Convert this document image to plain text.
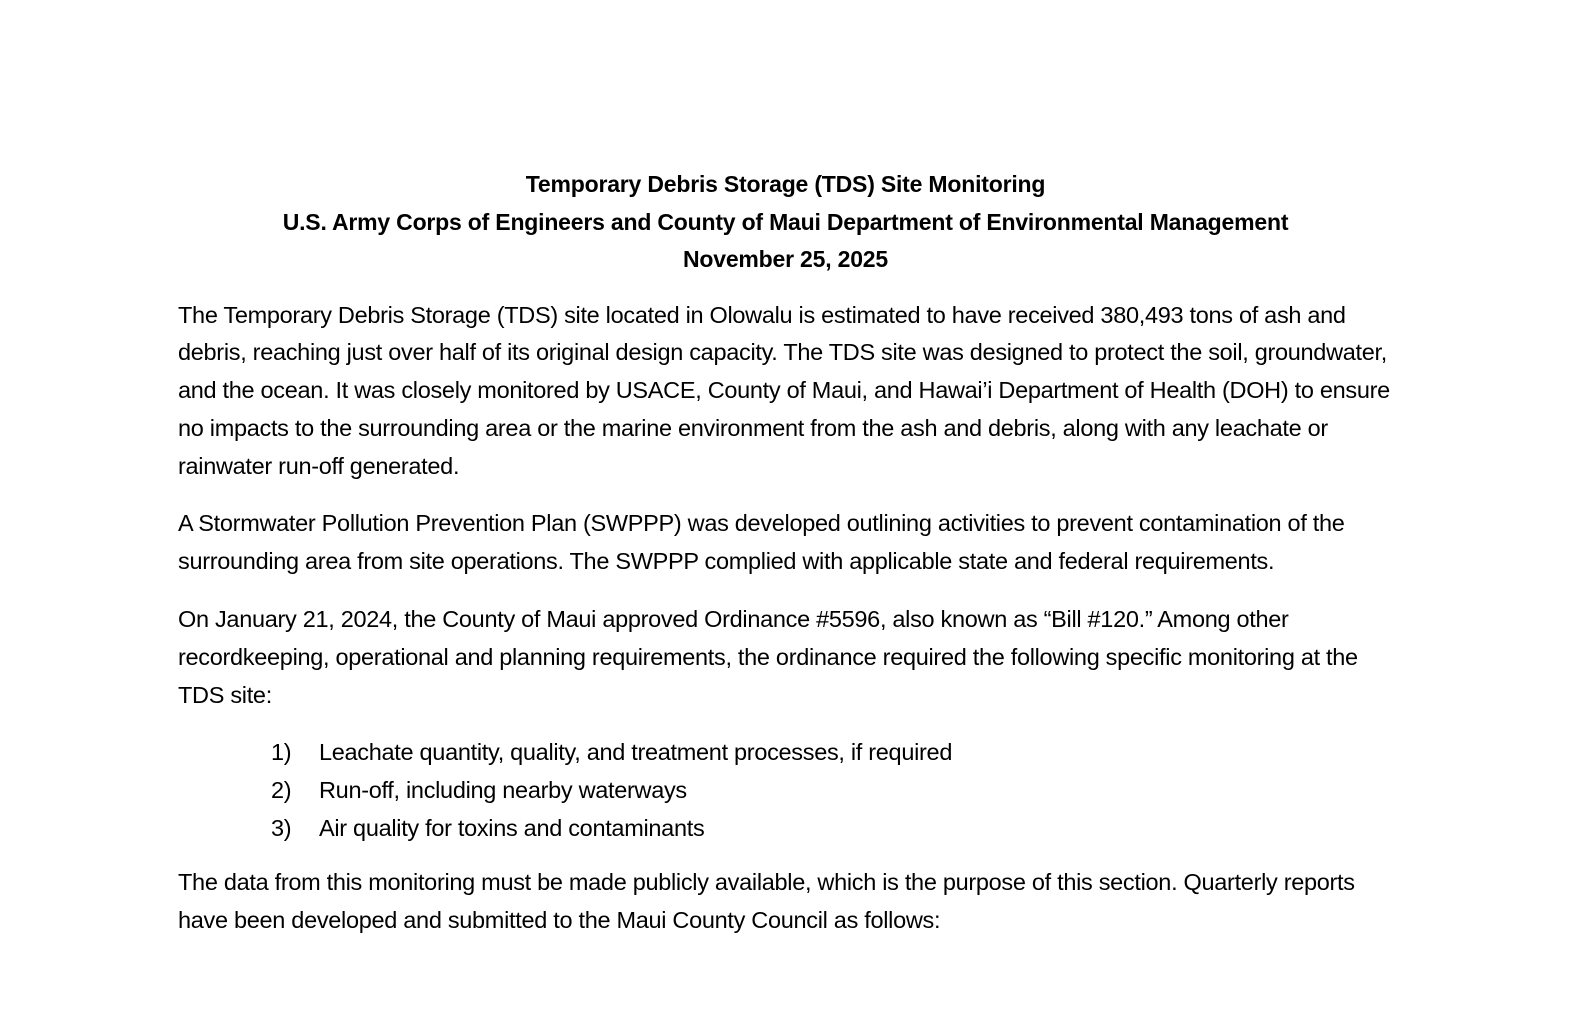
Temporary Debris Storage (TDS) Site Monitoring
U.S. Army Corps of Engineers and County of Maui Department of Environmental Management
November 25, 2025

The Temporary Debris Storage (TDS) site located in Olowalu is estimated to have received 380,493 tons of ash and debris, reaching just over half of its original design capacity. The TDS site was designed to protect the soil, groundwater, and the ocean. It was closely monitored by USACE, County of Maui, and Hawai’i Department of Health (DOH) to ensure no impacts to the surrounding area or the marine environment from the ash and debris, along with any leachate or rainwater run-off generated.

A Stormwater Pollution Prevention Plan (SWPPP) was developed outlining activities to prevent contamination of the surrounding area from site operations. The SWPPP complied with applicable state and federal requirements.

On January 21, 2024, the County of Maui approved Ordinance #5596, also known as “Bill #120.” Among other recordkeeping, operational and planning requirements, the ordinance required the following specific monitoring at the TDS site:

1)	Leachate quantity, quality, and treatment processes, if required
2)	Run-off, including nearby waterways
3)	Air quality for toxins and contaminants

The data from this monitoring must be made publicly available, which is the purpose of this section. Quarterly reports have been developed and submitted to the Maui County Council as follows:
